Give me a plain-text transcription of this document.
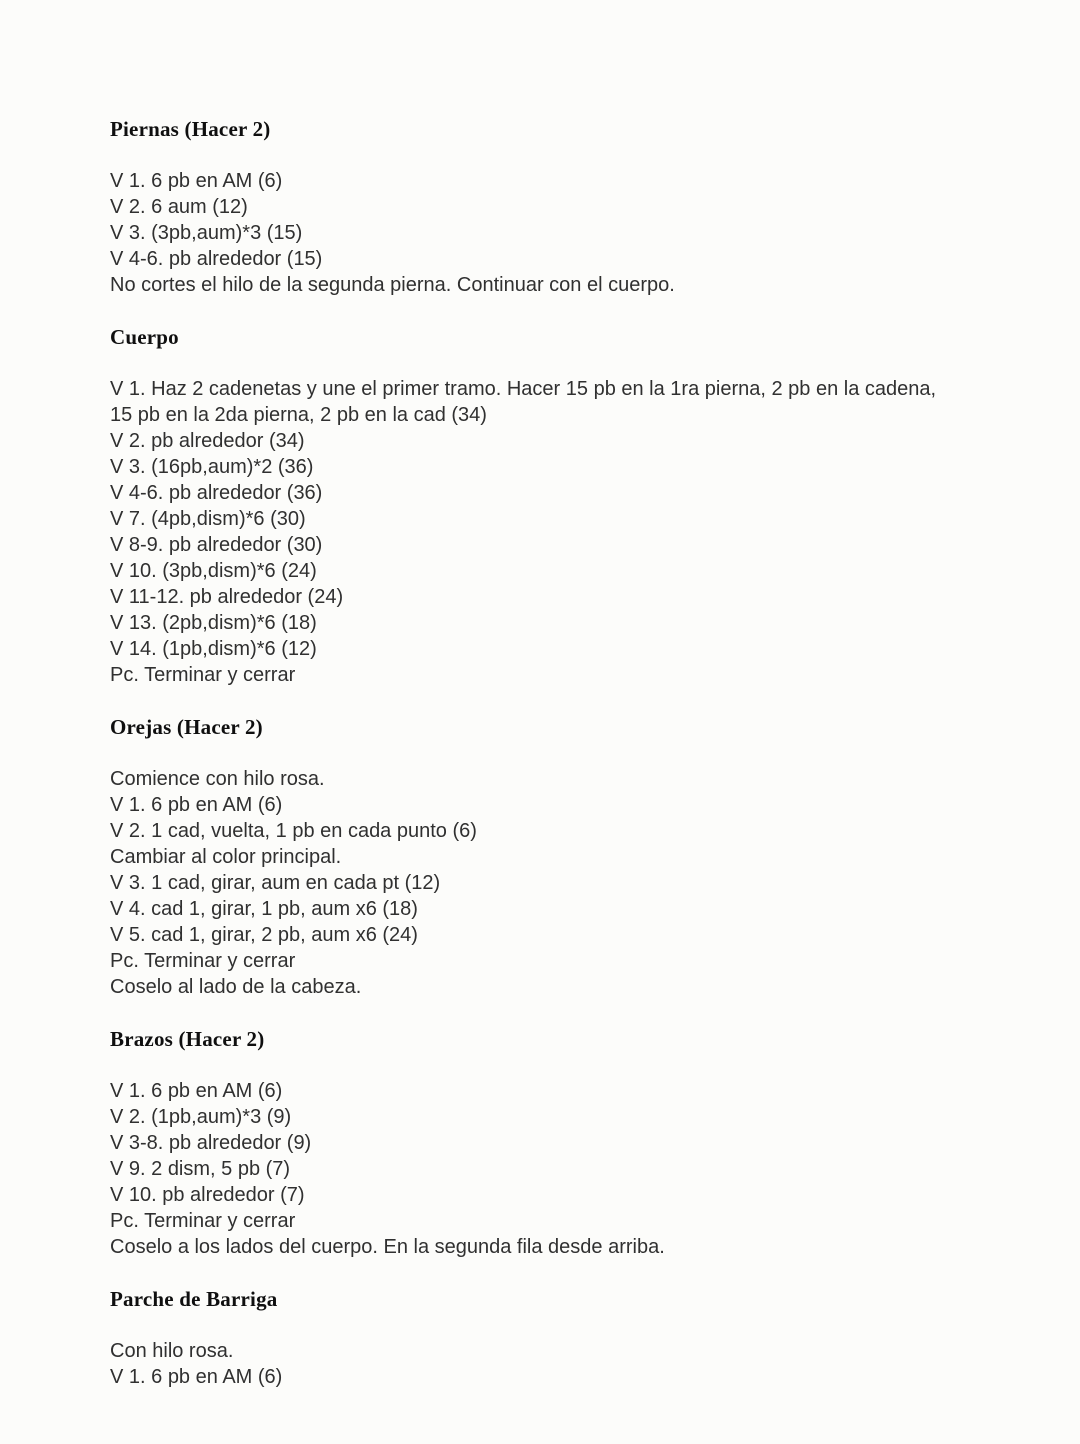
Piernas (Hacer 2)

V 1. 6 pb en AM (6)

V 2. 6 aum (12)

V 3. (3pb,aum)*3 (15)

V 4-6. pb alrededor (15)

No cortes el hilo de la segunda pierna. Continuar con el cuerpo.

Cuerpo

V 1. Haz 2 cadenetas y une el primer tramo. Hacer 15 pb en la 1ra pierna, 2 pb en la cadena, 15 pb en la 2da pierna, 2 pb en la cad (34)

V 2. pb alrededor (34)

V 3. (16pb,aum)*2 (36)

V 4-6. pb alrededor (36)

V 7. (4pb,dism)*6 (30)

V 8-9. pb alrededor (30)

V 10. (3pb,dism)*6 (24)

V 11-12. pb alrededor (24)

V 13. (2pb,dism)*6 (18)

V 14. (1pb,dism)*6 (12)

Pc. Terminar y cerrar

Orejas (Hacer 2)

Comience con hilo rosa.

V 1. 6 pb en AM (6)

V 2. 1 cad, vuelta, 1 pb en cada punto (6)

Cambiar al color principal.

V 3. 1 cad, girar, aum en cada pt (12)

V 4. cad 1, girar, 1 pb, aum x6 (18)

V 5. cad 1, girar, 2 pb, aum x6 (24)

Pc. Terminar y cerrar

Coselo al lado de la cabeza.

Brazos (Hacer 2)

V 1. 6 pb en AM (6)

V 2. (1pb,aum)*3 (9)

V 3-8. pb alrededor (9)

V 9. 2 dism, 5 pb (7)

V 10. pb alrededor (7)

Pc. Terminar y cerrar

Coselo a los lados del cuerpo. En la segunda fila desde arriba.

Parche de Barriga

Con hilo rosa.

V 1. 6 pb en AM (6)
